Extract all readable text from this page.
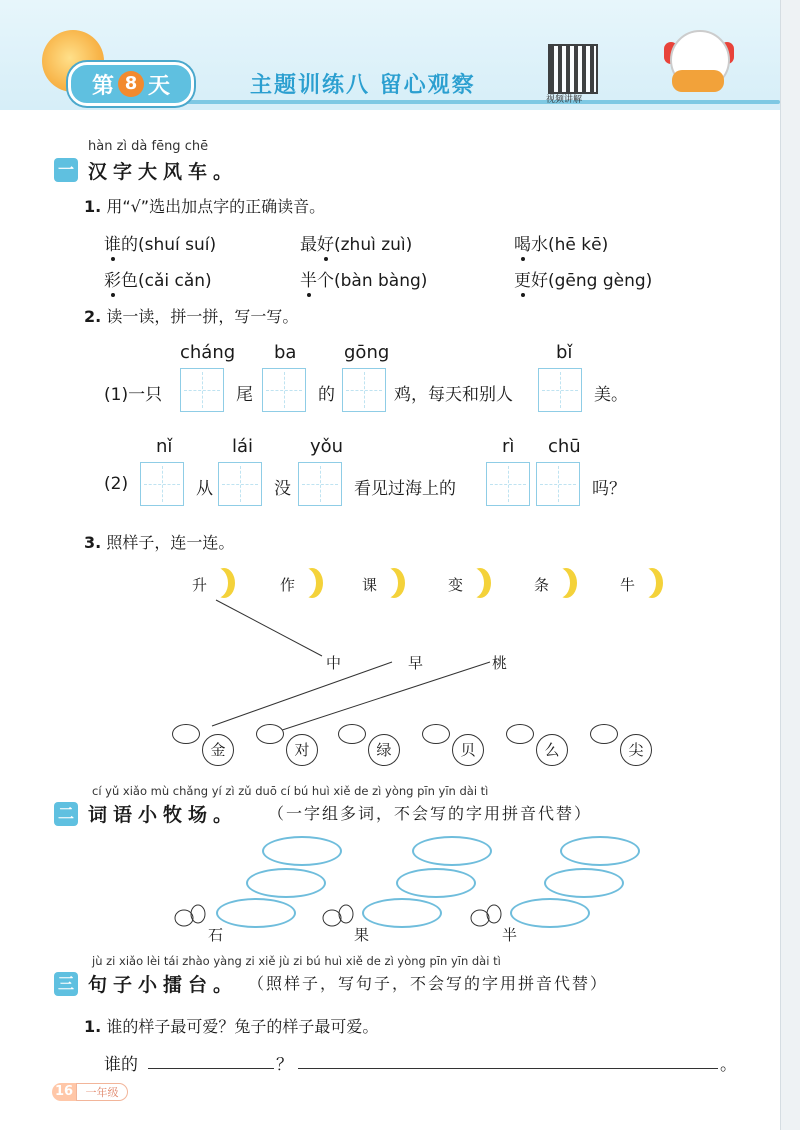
第 8 天	主题训练八 留心观察
视频讲解
hàn zì dà fēng chē
一 汉字大风车。
1. 用“√”选出加点字的正确读音。
谁的(shuí suí)	最好(zhuì zuì)	喝水(hē kē)
彩色(cǎi cǎn)	半个(bàn bàng)	更好(gēng gèng)
2. 读一读，拼一拼，写一写。
cháng ba	gōng	bǐ
(1)一只	尾	的	鸡，每天和别人	美。
nǐ	lái	yǒu	rì chū
(2)	从	没	看见过海上的	吗？
3. 照样子，连一连。
升	作	课	变	条	牛
中	早	桃
金	对	绿	贝	么	尖
cí yǔ xiǎo mù chǎng yí zì zǔ duō cí bú huì xiě de zì yòng pīn yīn dài tì
二 词语小牧场。 （一字组多词，不会写的字用拼音代替）
石	果	半
jù zi xiǎo lèi tái zhào yàng zi xiě jù zi bú huì xiě de zì yòng pīn yīn dài tì
三 句子小擂台。 （照样子，写句子，不会写的字用拼音代替）
1. 谁的样子最可爱？兔子的样子最可爱。
谁的	？	。
16	一年级
